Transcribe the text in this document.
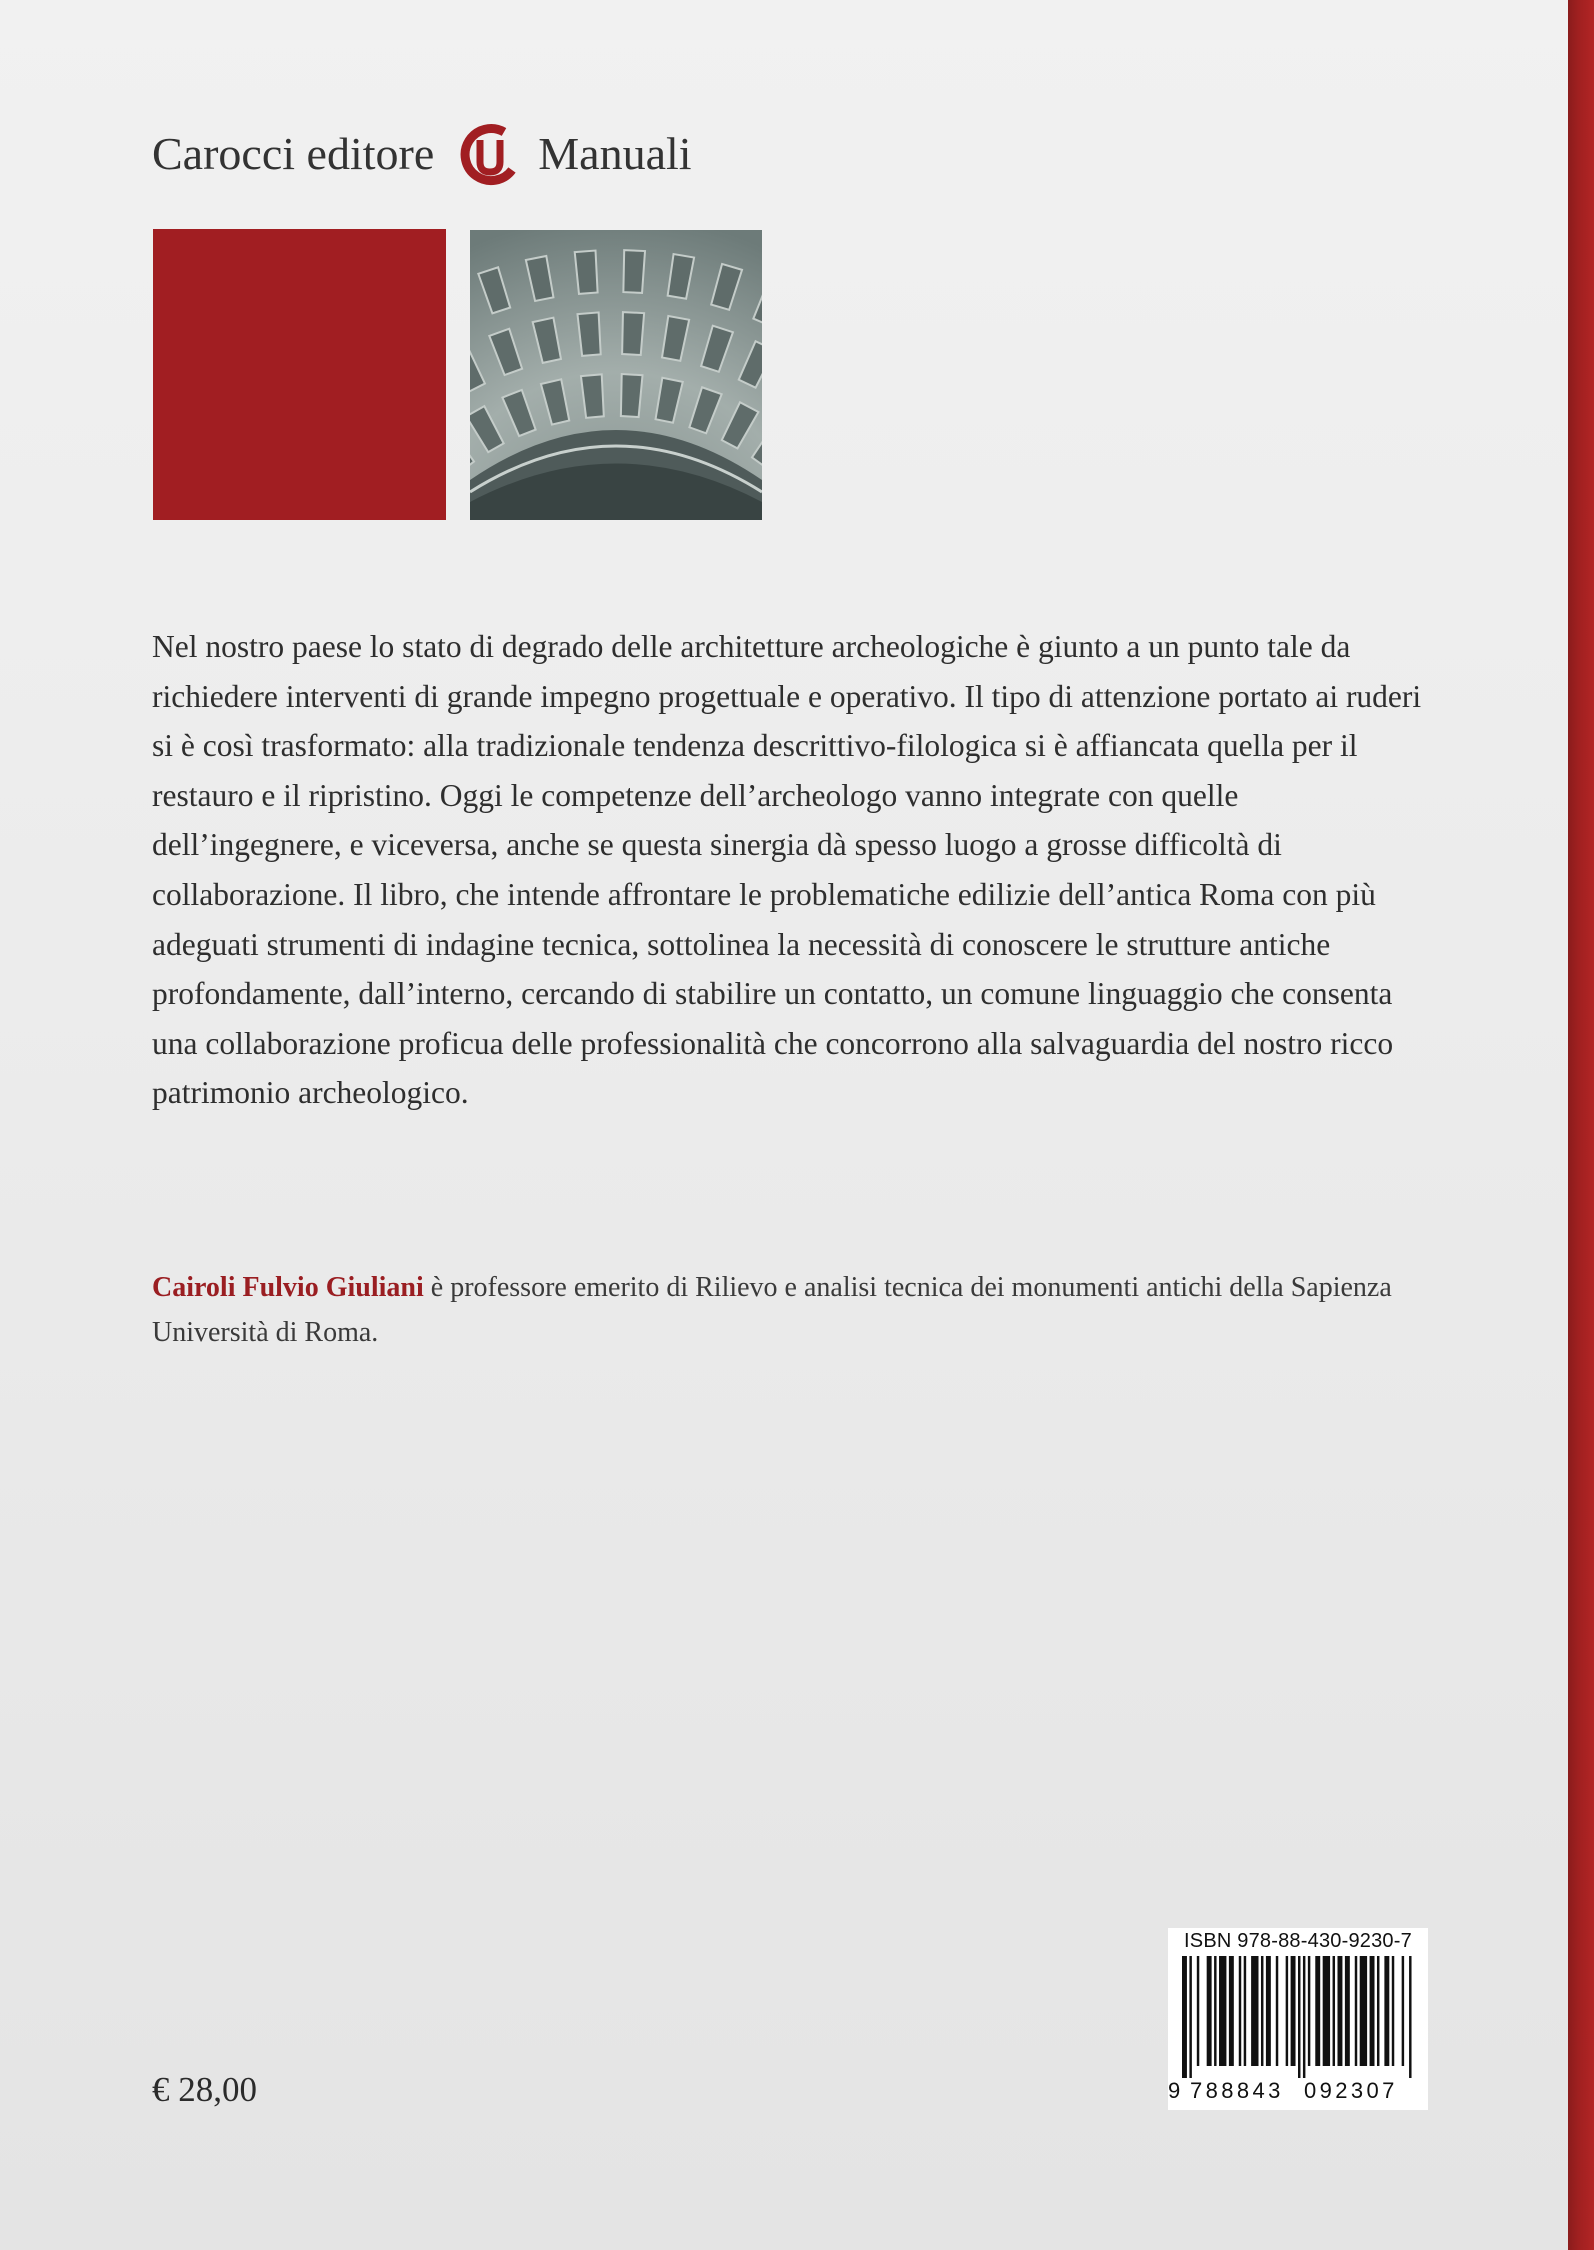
Carocci editore Manuali

Nel nostro paese lo stato di degrado delle architetture archeologiche è giunto a un punto tale da richiedere interventi di grande impegno progettuale e operativo. Il tipo di attenzione portato ai ruderi si è così trasformato: alla tradizionale tendenza descrittivo-filologica si è affiancata quella per il restauro e il ripristino. Oggi le competenze dell’archeologo vanno integrate con quelle dell’ingegnere, e viceversa, anche se questa sinergia dà spesso luogo a grosse difficoltà di collaborazione. Il libro, che intende affrontare le problematiche edilizie dell’antica Roma con più adeguati strumenti di indagine tecnica, sottolinea la necessità di conoscere le strutture antiche profondamente, dall’interno, cercando di stabilire un contatto, un comune linguaggio che consenta una collaborazione proficua delle professionalità che concorrono alla salvaguardia del nostro ricco patrimonio archeologico.

Cairoli Fulvio Giuliani è professore emerito di Rilievo e analisi tecnica dei monumenti antichi della Sapienza Università di Roma.

€ 28,00
ISBN 978-88-430-9230-7
9 788843 092307
